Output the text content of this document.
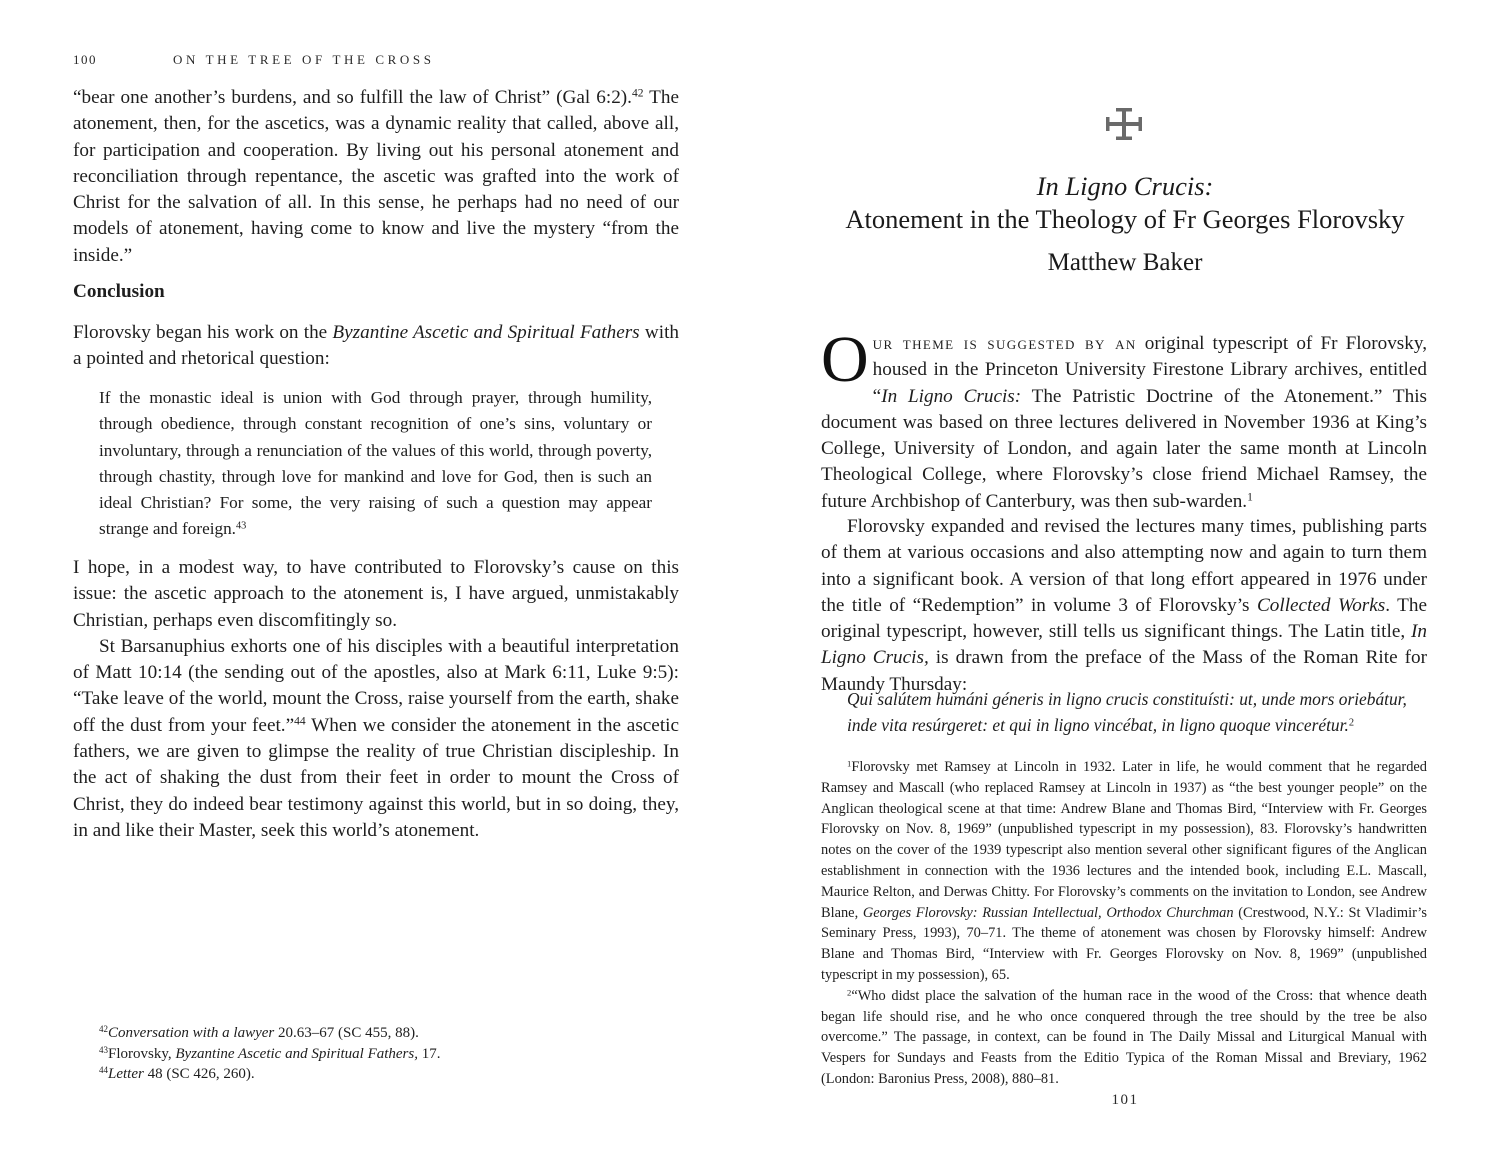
100	ON THE TREE OF THE CROSS

“bear one another’s burdens, and so fulfill the law of Christ” (Gal 6:2).$^{42}$ The atonement, then, for the ascetics, was a dynamic reality that called, above all, for participation and cooperation. By living out his personal atonement and reconciliation through repentance, the ascetic was grafted into the work of Christ for the salvation of all. In this sense, he perhaps had no need of our models of atonement, having come to know and live the mystery “from the inside.”

Conclusion

Florovsky began his work on the Byzantine Ascetic and Spiritual Fathers with a pointed and rhetorical question:

If the monastic ideal is union with God through prayer, through humility, through obedience, through constant recognition of one’s sins, voluntary or involuntary, through a renunciation of the values of this world, through poverty, through chastity, through love for mankind and love for God, then is such an ideal Christian? For some, the very raising of such a question may appear strange and foreign.$^{43}$

I hope, in a modest way, to have contributed to Florovsky’s cause on this issue: the ascetic approach to the atonement is, I have argued, unmistakably Christian, perhaps even discomfitingly so.

St Barsanuphius exhorts one of his disciples with a beautiful interpretation of Matt 10:14 (the sending out of the apostles, also at Mark 6:11, Luke 9:5): “Take leave of the world, mount the Cross, raise yourself from the earth, shake off the dust from your feet.”$^{44}$ When we consider the atonement in the ascetic fathers, we are given to glimpse the reality of true Christian discipleship. In the act of shaking the dust from their feet in order to mount the Cross of Christ, they do indeed bear testimony against this world, but in so doing, they, in and like their Master, seek this world’s atonement.

$^{42}$Conversation with a lawyer 20.63–67 (SC 455, 88).
$^{43}$Florovsky, Byzantine Ascetic and Spiritual Fathers, 17.
$^{44}$Letter 48 (SC 426, 260).
In Ligno Crucis:
Atonement in the Theology of Fr Georges Florovsky
Matthew Baker

Our theme is suggested by an original typescript of Fr Florovsky, housed in the Princeton University Firestone Library archives, entitled “In Ligno Crucis: The Patristic Doctrine of the Atonement.” This document was based on three lectures delivered in November 1936 at King’s College, University of London, and again later the same month at Lincoln Theological College, where Florovsky’s close friend Michael Ramsey, the future Archbishop of Canterbury, was then sub-warden.$^1$

Florovsky expanded and revised the lectures many times, publishing parts of them at various occasions and also attempting now and again to turn them into a significant book. A version of that long effort appeared in 1976 under the title of “Redemption” in volume 3 of Florovsky’s Collected Works. The original typescript, however, still tells us significant things. The Latin title, In Ligno Crucis, is drawn from the preface of the Mass of the Roman Rite for Maundy Thursday:

Qui salútem humáni géneris in ligno crucis constituísti: ut, unde mors oriebátur,
inde vita resúrgeret: et qui in ligno vincébat, in ligno quoque vincerétur.$^2$

$^1$Florovsky met Ramsey at Lincoln in 1932. Later in life, he would comment that he regarded Ramsey and Mascall (who replaced Ramsey at Lincoln in 1937) as “the best younger people” on the Anglican theological scene at that time: Andrew Blane and Thomas Bird, “Interview with Fr. Georges Florovsky on Nov. 8, 1969” (unpublished typescript in my possession), 83. Florovsky’s handwritten notes on the cover of the 1939 typescript also mention several other significant figures of the Anglican establishment in connection with the 1936 lectures and the intended book, including E.L. Mascall, Maurice Relton, and Derwas Chitty. For Florovsky’s comments on the invitation to London, see Andrew Blane, Georges Florovsky: Russian Intellectual, Orthodox Churchman (Crestwood, N.Y.: St Vladimir’s Seminary Press, 1993), 70–71. The theme of atonement was chosen by Florovsky himself: Andrew Blane and Thomas Bird, “Interview with Fr. Georges Florovsky on Nov. 8, 1969” (unpublished typescript in my possession), 65.

$^2$“Who didst place the salvation of the human race in the wood of the Cross: that whence death began life should rise, and he who once conquered through the tree should by the tree be also overcome.” The passage, in context, can be found in The Daily Missal and Liturgical Manual with Vespers for Sundays and Feasts from the Editio Typica of the Roman Missal and Breviary, 1962 (London: Baronius Press, 2008), 880–81.

101
